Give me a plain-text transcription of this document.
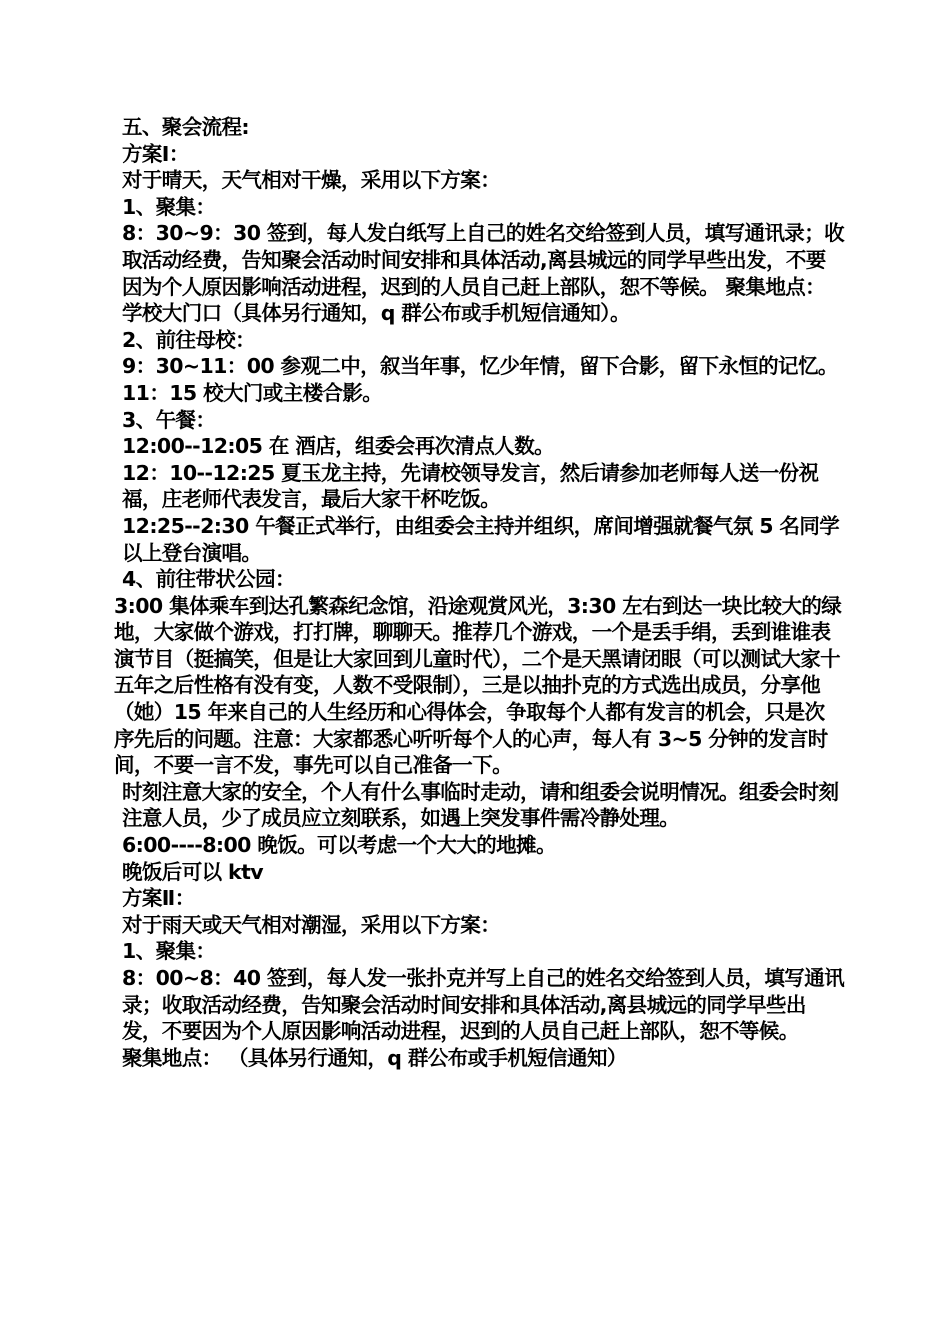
五、聚会流程:

方案Ⅰ：

对于晴天，天气相对干燥，采用以下方案：

1、聚集：

8：30~9：30 签到，每人发白纸写上自己的姓名交给签到人员，填写通讯录；收取活动经费，告知聚会活动时间安排和具体活动,离县城远的同学早些出发，不要因为个人原因影响活动进程，迟到的人员自己赶上部队，恕不等候。 聚集地点：学校大门口（具体另行通知，q 群公布或手机短信通知）。

2、前往母校：

9：30~11：00 参观二中，叙当年事，忆少年情，留下合影，留下永恒的记忆。11：15 校大门或主楼合影。

3、午餐：

12:00--12:05 在 酒店，组委会再次清点人数。

12：10--12:25 夏玉龙主持，先请校领导发言，然后请参加老师每人送一份祝福，庄老师代表发言，最后大家干杯吃饭。

12:25--2:30 午餐正式举行，由组委会主持并组织，席间增强就餐气氛 5 名同学以上登台演唱。

4、前往带状公园：

3:00 集体乘车到达孔繁森纪念馆，沿途观赏风光，3:30 左右到达一块比较大的绿地，大家做个游戏，打打牌，聊聊天。推荐几个游戏，一个是丢手绢，丢到谁谁表演节目（挺搞笑，但是让大家回到儿童时代），二个是天黑请闭眼（可以测试大家十五年之后性格有没有变，人数不受限制），三是以抽扑克的方式选出成员，分享他（她）15 年来自己的人生经历和心得体会，争取每个人都有发言的机会，只是次序先后的问题。注意：大家都悉心听听每个人的心声，每人有 3~5 分钟的发言时间，不要一言不发，事先可以自己准备一下。

时刻注意大家的安全，个人有什么事临时走动，请和组委会说明情况。组委会时刻注意人员，少了成员应立刻联系，如遇上突发事件需冷静处理。

6:00----8:00 晚饭。可以考虑一个大大的地摊。

晚饭后可以 ktv

方案Ⅱ：

对于雨天或天气相对潮湿，采用以下方案：

1、聚集：

8：00~8：40 签到，每人发一张扑克并写上自己的姓名交给签到人员，填写通讯录；收取活动经费，告知聚会活动时间安排和具体活动,离县城远的同学早些出发，不要因为个人原因影响活动进程，迟到的人员自己赶上部队，恕不等候。

聚集地点： （具体另行通知，q 群公布或手机短信通知）
